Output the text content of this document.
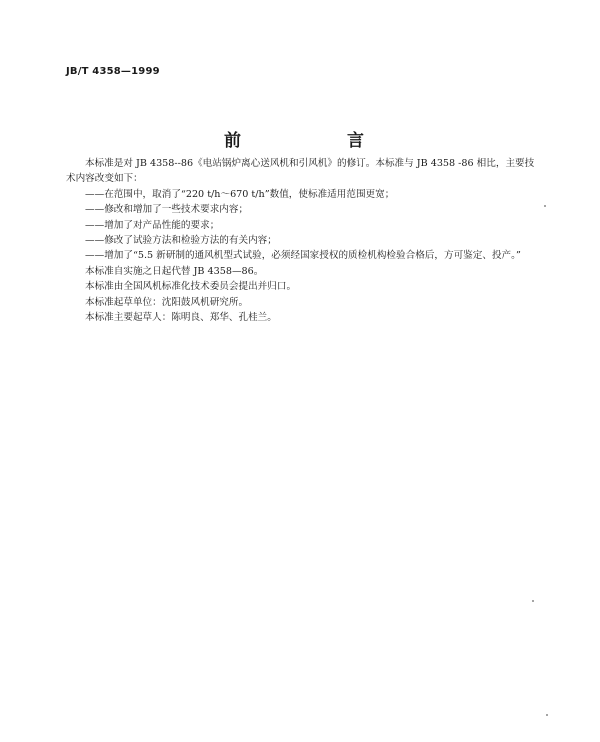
JB/T 4358—1999
前 言

本标准是对 JB 4358--86《电站锅炉离心送风机和引风机》的修订。本标准与 JB 4358 -86 相比，主要技术内容改变如下：

——在范围中，取消了“220 t/h～670 t/h”数值，使标准适用范围更宽；

——修改和增加了一些技术要求内容；

——增加了对产品性能的要求；

——修改了试验方法和检验方法的有关内容；

——增加了“5.5 新研制的通风机型式试验，必须经国家授权的质检机构检验合格后，方可鉴定、投产。”

本标准自实施之日起代替 JB 4358—86。

本标准由全国风机标准化技术委员会提出并归口。

本标准起草单位：沈阳鼓风机研究所。

本标准主要起草人：陈明良、郑华、孔桂兰。
